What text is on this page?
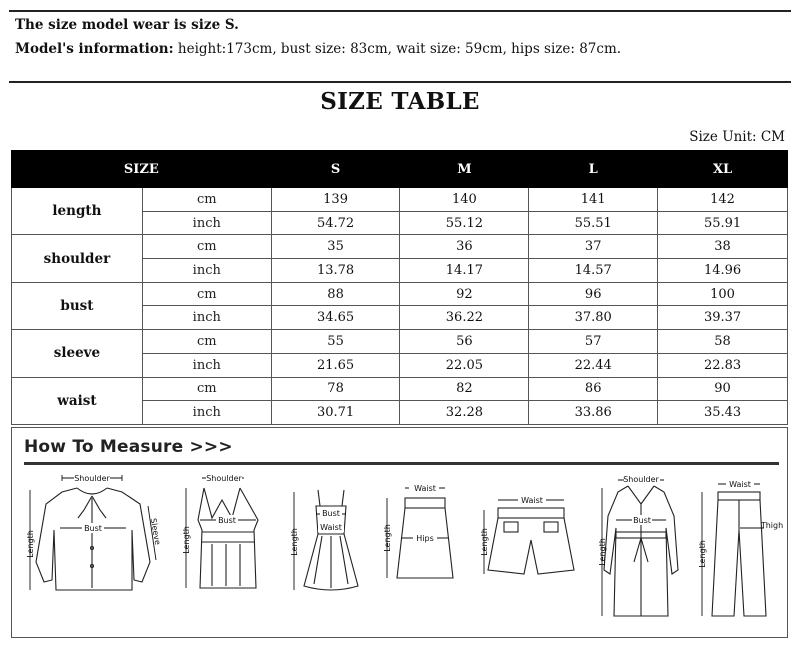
The size model wear is size S.
Model's information: height:173cm, bust size: 83cm, wait size: 59cm, hips size: 87cm.
SIZE TABLE
Size Unit: CM
SIZE		S	M	L	XL
length	cm	139	140	141	142
	inch	54.72	55.12	55.51	55.91
shoulder	cm	35	36	37	38
	inch	13.78	14.17	14.57	14.96
bust	cm	88	92	96	100
	inch	34.65	36.22	37.80	39.37
sleeve	cm	55	56	57	58
	inch	21.65	22.05	22.44	22.83
waist	cm	78	82	86	90
	inch	30.71	32.28	33.86	35.43
How To Measure >>>
Shoulder
Bust
Length	Sleeve
Shoulder
Bust
Length
Bust
Waist
Length
Waist
Hips
Length
Waist
Length
Shoulder
Bust
Length
Waist
Thigh
Length
